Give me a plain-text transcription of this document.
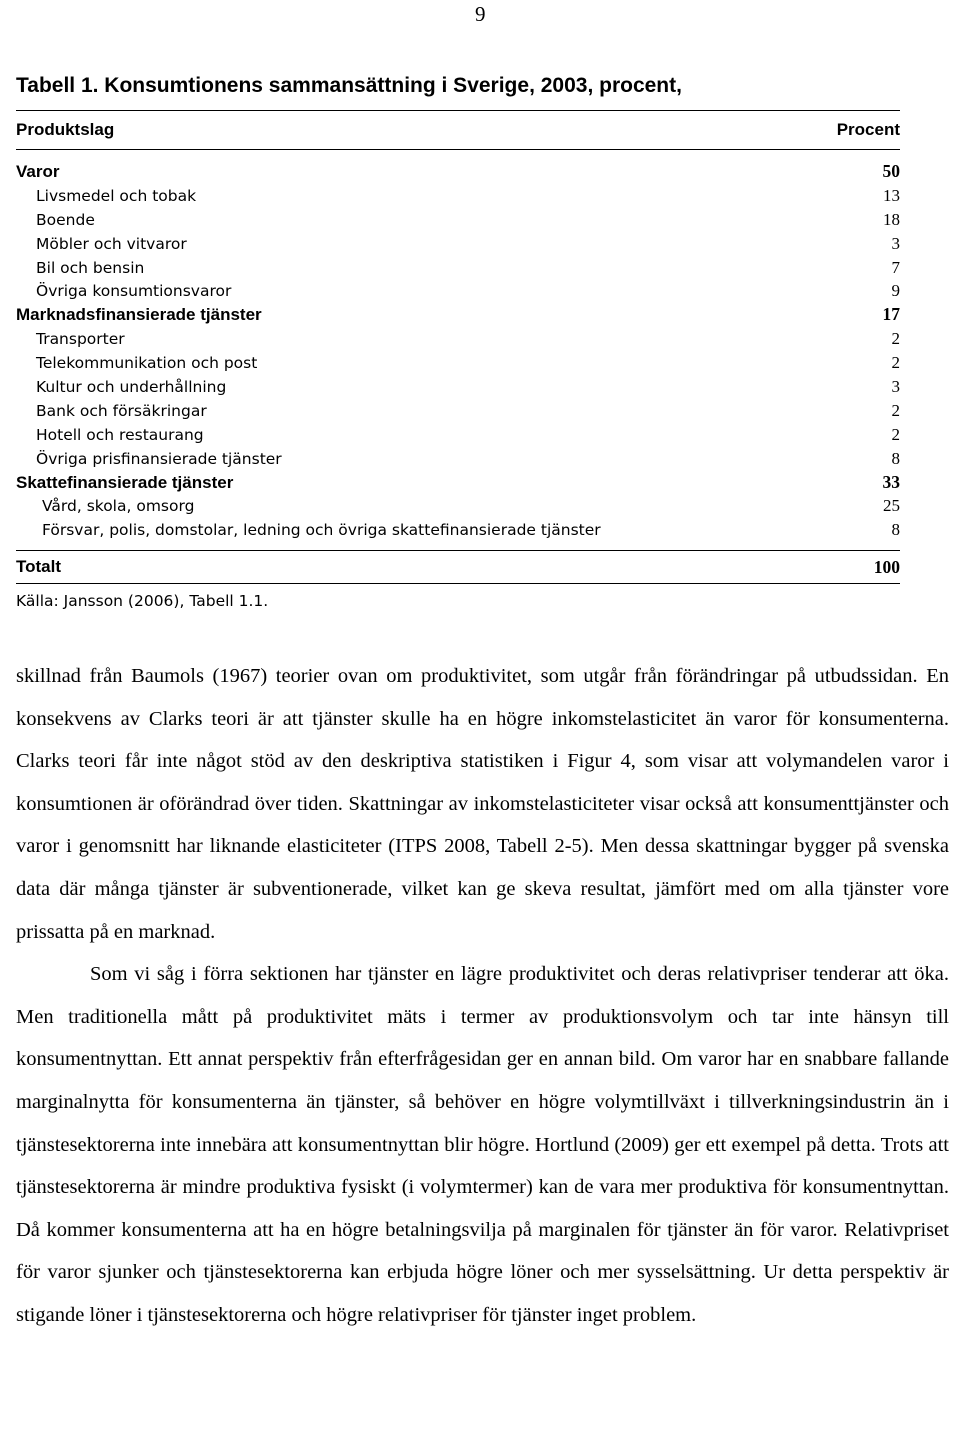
9
Tabell 1. Konsumtionens sammansättning i Sverige, 2003, procent,
Produktslag	Procent
Varor	50
Livsmedel och tobak	13
Boende	18
Möbler och vitvaror	3
Bil och bensin	7
Övriga konsumtionsvaror	9
Marknadsfinansierade tjänster	17
Transporter	2
Telekommunikation och post	2
Kultur och underhållning	3
Bank och försäkringar	2
Hotell och restaurang	2
Övriga prisfinansierade tjänster	8
Skattefinansierade tjänster	33
Vård, skola, omsorg	25
Försvar, polis, domstolar, ledning och övriga skattefinansierade tjänster	8
Totalt	100
Källa: Jansson (2006), Tabell 1.1.

skillnad från Baumols (1967) teorier ovan om produktivitet, som utgår från förändringar på utbudssidan. En konsekvens av Clarks teori är att tjänster skulle ha en högre inkomstelasticitet än varor för konsumenterna. Clarks teori får inte något stöd av den deskriptiva statistiken i Figur 4, som visar att volymandelen varor i konsumtionen är oförändrad över tiden. Skattningar av inkomstelasticiteter visar också att konsumenttjänster och varor i genomsnitt har liknande elasticiteter (ITPS 2008, Tabell 2-5). Men dessa skattningar bygger på svenska data där många tjänster är subventionerade, vilket kan ge skeva resultat, jämfört med om alla tjänster vore prissatta på en marknad.

Som vi såg i förra sektionen har tjänster en lägre produktivitet och deras relativpriser tenderar att öka. Men traditionella mått på produktivitet mäts i termer av produktionsvolym och tar inte hänsyn till konsumentnyttan. Ett annat perspektiv från efterfrågesidan ger en annan bild. Om varor har en snabbare fallande marginalnytta för konsumenterna än tjänster, så behöver en högre volymtillväxt i tillverkningsindustrin än i tjänstesektorerna inte innebära att konsumentnyttan blir högre. Hortlund (2009) ger ett exempel på detta. Trots att tjänstesektorerna är mindre produktiva fysiskt (i volymtermer) kan de vara mer produktiva för konsumentnyttan. Då kommer konsumenterna att ha en högre betalningsvilja på marginalen för tjänster än för varor. Relativpriset för varor sjunker och tjänstesektorerna kan erbjuda högre löner och mer sysselsättning. Ur detta perspektiv är stigande löner i tjänstesektorerna och högre relativpriser för tjänster inget problem.
